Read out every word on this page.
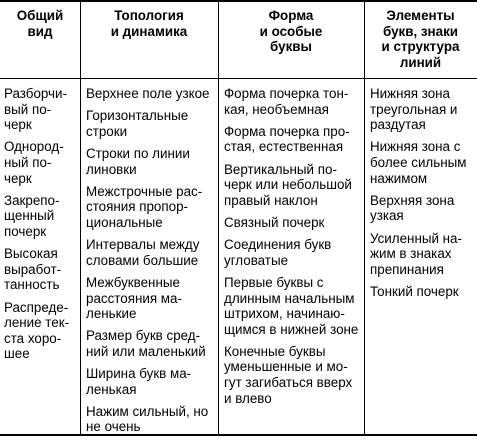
Общий
вид
Топология
и динамика
Форма
и особые
буквы
Элементы
букв, знаки
и структура
линий

Разборчи-
вый по-
черк

Однород-
ный по-
черк

Закрепо-
щенный
почерк

Высокая
выработ-
танность

Распреде-
ление тек-
ста хоро-
шее

Верхнее поле узкое

Горизонтальные
строки

Строки по линии
линовки

Межстрочные рас-
стояния пропор-
циональные

Интервалы между
словами большие

Межбуквенные
расстояния ма-
ленькие

Размер букв сред-
ний или маленький

Ширина букв ма-
ленькая

Нажим сильный, но
не очень

Форма почерка тон-
кая, необъемная

Форма почерка про-
стая, естественная

Вертикальный по-
черк или небольшой
правый наклон

Связный почерк

Соединения букв
угловатые

Первые буквы с
длинным начальным
штрихом, начинаю-
щимся в нижней зоне

Конечные буквы
уменьшенные и мо-
гут загибаться вверх
и влево

Нижняя зона
треугольная и
раздутая

Нижняя зона с
более сильным
нажимом

Верхняя зона
узкая

Усиленный на-
жим в знаках
препинания

Тонкий почерк
